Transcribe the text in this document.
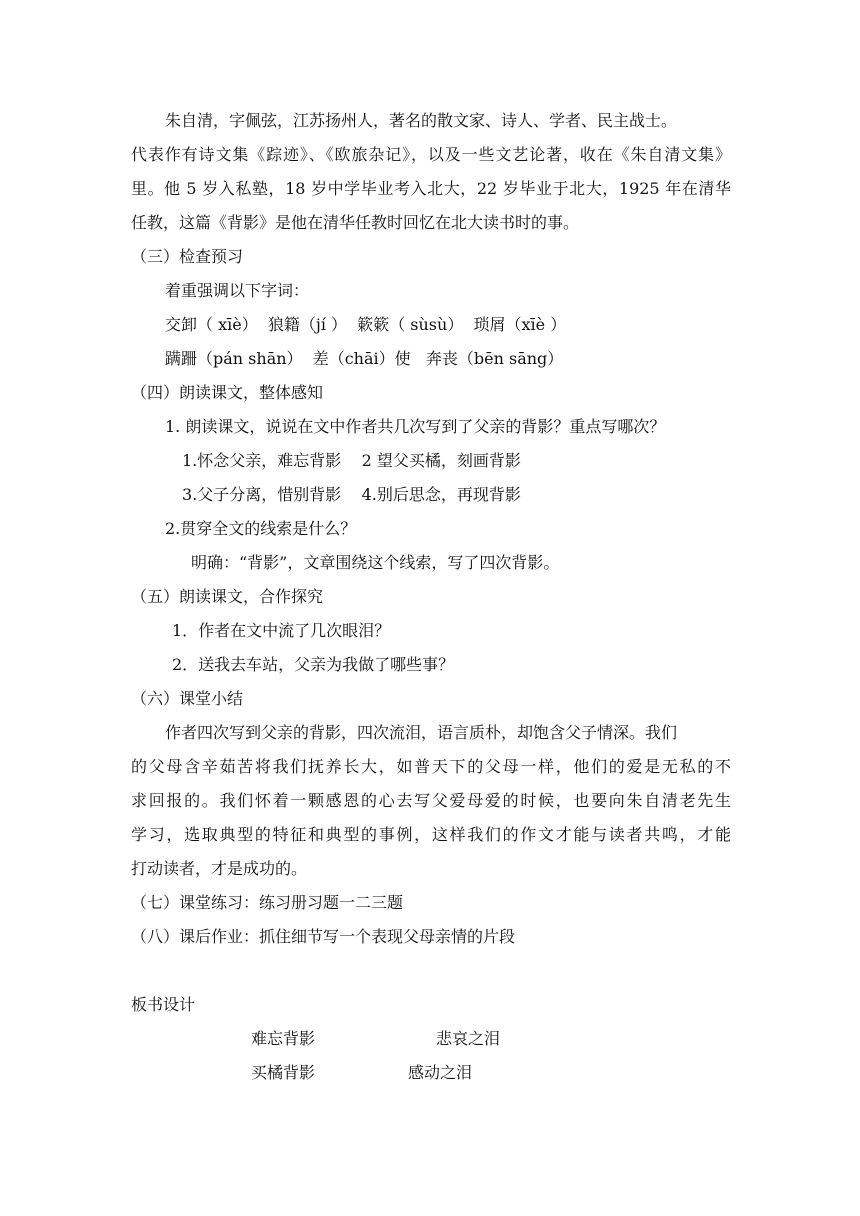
朱自清，字佩弦，江苏扬州人，著名的散文家、诗人、学者、民主战士。
代表作有诗文集《踪迹》、《欧旅杂记》，以及一些文艺论著，收在《朱自清文集》
里。他 5 岁入私塾，18 岁中学毕业考入北大，22 岁毕业于北大，1925 年在清华
任教，这篇《背影》是他在清华任教时回忆在北大读书时的事。
（三）检查预习
着重强调以下字词：
交卸（ xīè）  狼籍（jí ）  簌簌（ sùsù）  琐屑（xīè ）
蹒跚（pán shān）  差（chāi）使   奔丧（bēn sāng）
（四）朗读课文，整体感知
1. 朗读课文，说说在文中作者共几次写到了父亲的背影？重点写哪次？
1.怀念父亲，难忘背影    2 望父买橘，刻画背影
3.父子分离，惜别背影    4.别后思念，再现背影
2.贯穿全文的线索是什么？
明确：“背影”，文章围绕这个线索，写了四次背影。
（五）朗读课文，合作探究
1．作者在文中流了几次眼泪？
2．送我去车站，父亲为我做了哪些事？
（六）课堂小结
作者四次写到父亲的背影，四次流泪，语言质朴，却饱含父子情深。我们
的父母含辛茹苦将我们抚养长大，如普天下的父母一样，他们的爱是无私的不
求回报的。我们怀着一颗感恩的心去写父爱母爱的时候，也要向朱自清老先生
学习，选取典型的特征和典型的事例，这样我们的作文才能与读者共鸣，才能
打动读者，才是成功的。
（七）课堂练习：练习册习题一二三题
（八）课后作业：抓住细节写一个表现父母亲情的片段
板书设计
难忘背影	悲哀之泪
买橘背影	感动之泪
